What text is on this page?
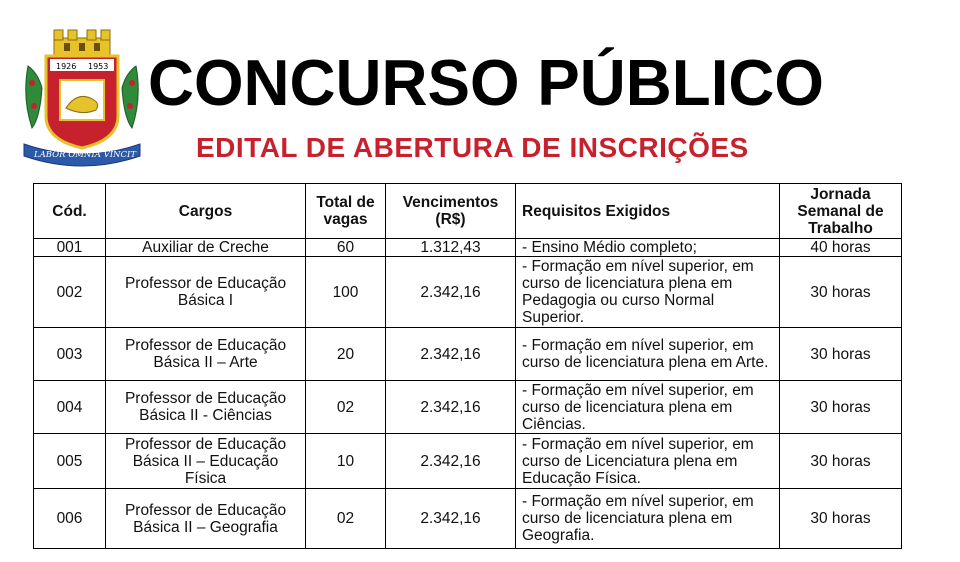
1926 1953
LABOR OMNIA VINCIT
CONCURSO PÚBLICO
EDITAL DE ABERTURA DE INSCRIÇÕES
Cód.	Cargos	Total de vagas	Vencimentos (R$)	Requisitos Exigidos	Jornada Semanal de Trabalho
001	Auxiliar de Creche	60	1.312,43	- Ensino Médio completo;	40 horas
002	Professor de Educação Básica I	100	2.342,16	- Formação em nível superior, em curso de licenciatura plena em Pedagogia ou curso Normal Superior.	30 horas
003	Professor de Educação Básica II – Arte	20	2.342,16	- Formação em nível superior, em curso de licenciatura plena em Arte.	30 horas
004	Professor de Educação Básica II - Ciências	02	2.342,16	- Formação em nível superior, em curso de licenciatura plena em Ciências.	30 horas
005	Professor de Educação Básica II – Educação Física	10	2.342,16	- Formação em nível superior, em curso de Licenciatura plena em Educação Física.	30 horas
006	Professor de Educação Básica II – Geografia	02	2.342,16	- Formação em nível superior, em curso de licenciatura plena em Geografia.	30 horas
